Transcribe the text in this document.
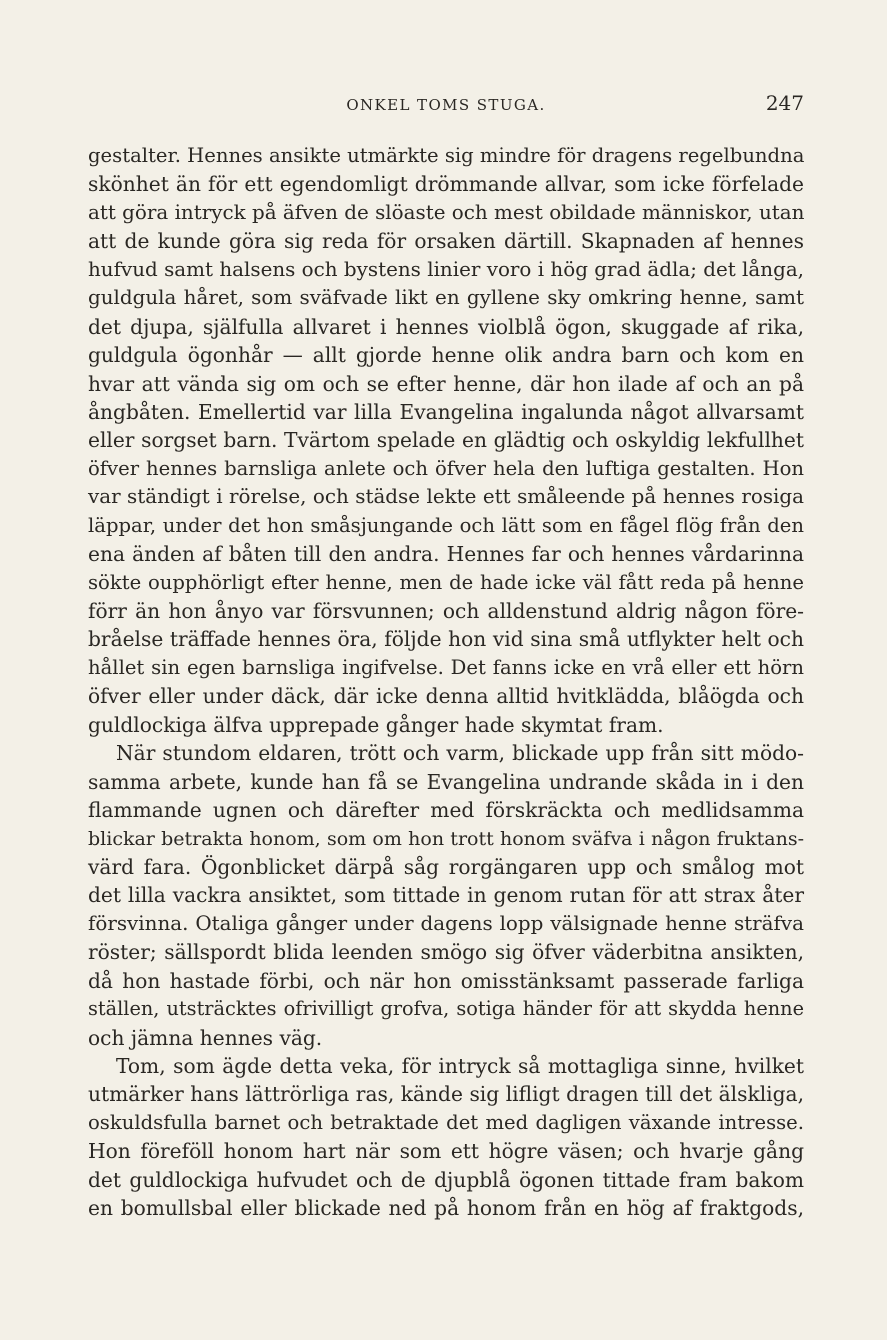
ONKEL TOMS STUGA.	247
gestalter. Hennes ansikte utmärkte sig mindre för dragens regelbundna
skönhet än för ett egendomligt drömmande allvar, som icke förfelade
att göra intryck på äfven de slöaste och mest obildade människor, utan
att de kunde göra sig reda för orsaken därtill. Skapnaden af hennes
hufvud samt halsens och bystens linier voro i hög grad ädla; det långa,
guldgula håret, som sväfvade likt en gyllene sky omkring henne, samt
det djupa, själfulla allvaret i hennes violblå ögon, skuggade af rika,
guldgula ögonhår — allt gjorde henne olik andra barn och kom en
hvar att vända sig om och se efter henne, där hon ilade af och an på
ångbåten. Emellertid var lilla Evangelina ingalunda något allvarsamt
eller sorgset barn. Tvärtom spelade en glädtig och oskyldig lekfullhet
öfver hennes barnsliga anlete och öfver hela den luftiga gestalten. Hon
var ständigt i rörelse, och städse lekte ett småleende på hennes rosiga
läppar, under det hon småsjungande och lätt som en fågel flög från den
ena änden af båten till den andra. Hennes far och hennes vårdarinna
sökte oupphörligt efter henne, men de hade icke väl fått reda på henne
förr än hon ånyo var försvunnen; och alldenstund aldrig någon före-
bråelse träffade hennes öra, följde hon vid sina små utflykter helt och
hållet sin egen barnsliga ingifvelse. Det fanns icke en vrå eller ett hörn
öfver eller under däck, där icke denna alltid hvitklädda, blåögda och
guldlockiga älfva upprepade gånger hade skymtat fram.
När stundom eldaren, trött och varm, blickade upp från sitt mödo-
samma arbete, kunde han få se Evangelina undrande skåda in i den
flammande ugnen och därefter med förskräckta och medlidsamma
blickar betrakta honom, som om hon trott honom sväfva i någon fruktans-
värd fara. Ögonblicket därpå såg rorgängaren upp och smålog mot
det lilla vackra ansiktet, som tittade in genom rutan för att strax åter
försvinna. Otaliga gånger under dagens lopp välsignade henne sträfva
röster; sällspordt blida leenden smögo sig öfver väderbitna ansikten,
då hon hastade förbi, och när hon omisstänksamt passerade farliga
ställen, utsträcktes ofrivilligt grofva, sotiga händer för att skydda henne
och jämna hennes väg.
Tom, som ägde detta veka, för intryck så mottagliga sinne, hvilket
utmärker hans lättrörliga ras, kände sig lifligt dragen till det älskliga,
oskuldsfulla barnet och betraktade det med dagligen växande intresse.
Hon föreföll honom hart när som ett högre väsen; och hvarje gång
det guldlockiga hufvudet och de djupblå ögonen tittade fram bakom
en bomullsbal eller blickade ned på honom från en hög af fraktgods,
